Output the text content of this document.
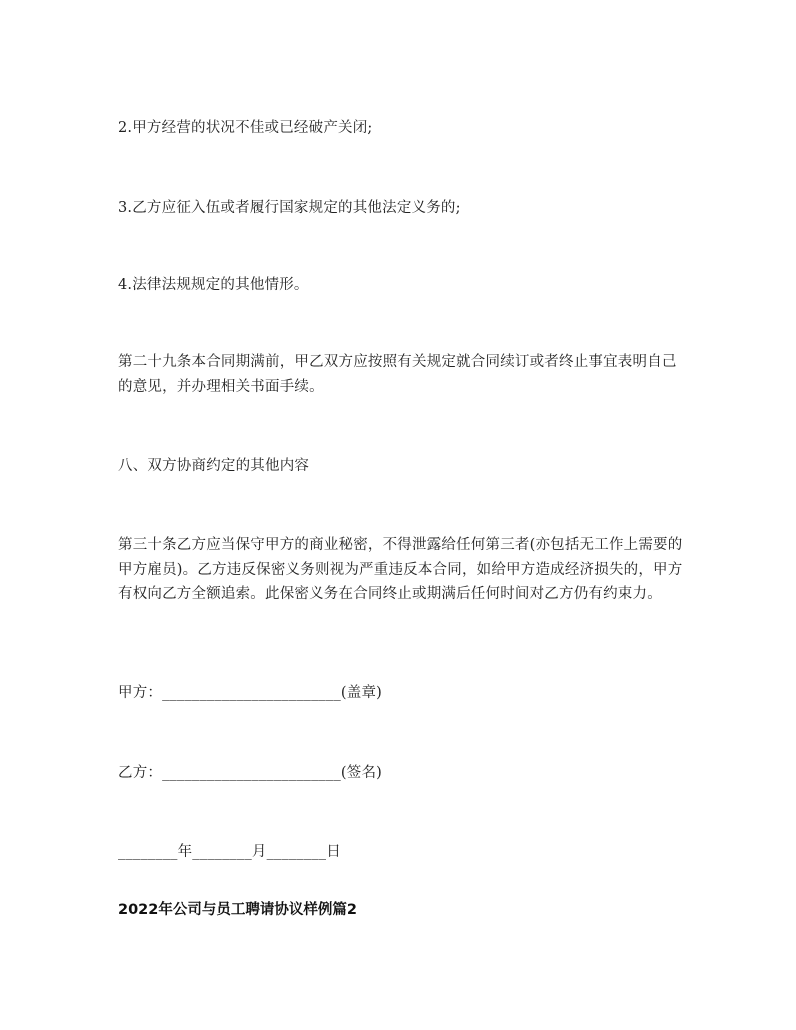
2.甲方经营的状况不佳或已经破产关闭;

3.乙方应征入伍或者履行国家规定的其他法定义务的;

4.法律法规规定的其他情形。

第二十九条本合同期满前，甲乙双方应按照有关规定就合同续订或者终止事宜表明自己的意见，并办理相关书面手续。

八、双方协商约定的其他内容

第三十条乙方应当保守甲方的商业秘密，不得泄露给任何第三者(亦包括无工作上需要的甲方雇员)。乙方违反保密义务则视为严重违反本合同，如给甲方造成经济损失的，甲方有权向乙方全额追索。此保密义务在合同终止或期满后任何时间对乙方仍有约束力。

甲方：________________________(盖章)

乙方：________________________(签名)

________年________月________日

2022年公司与员工聘请协议样例篇2
